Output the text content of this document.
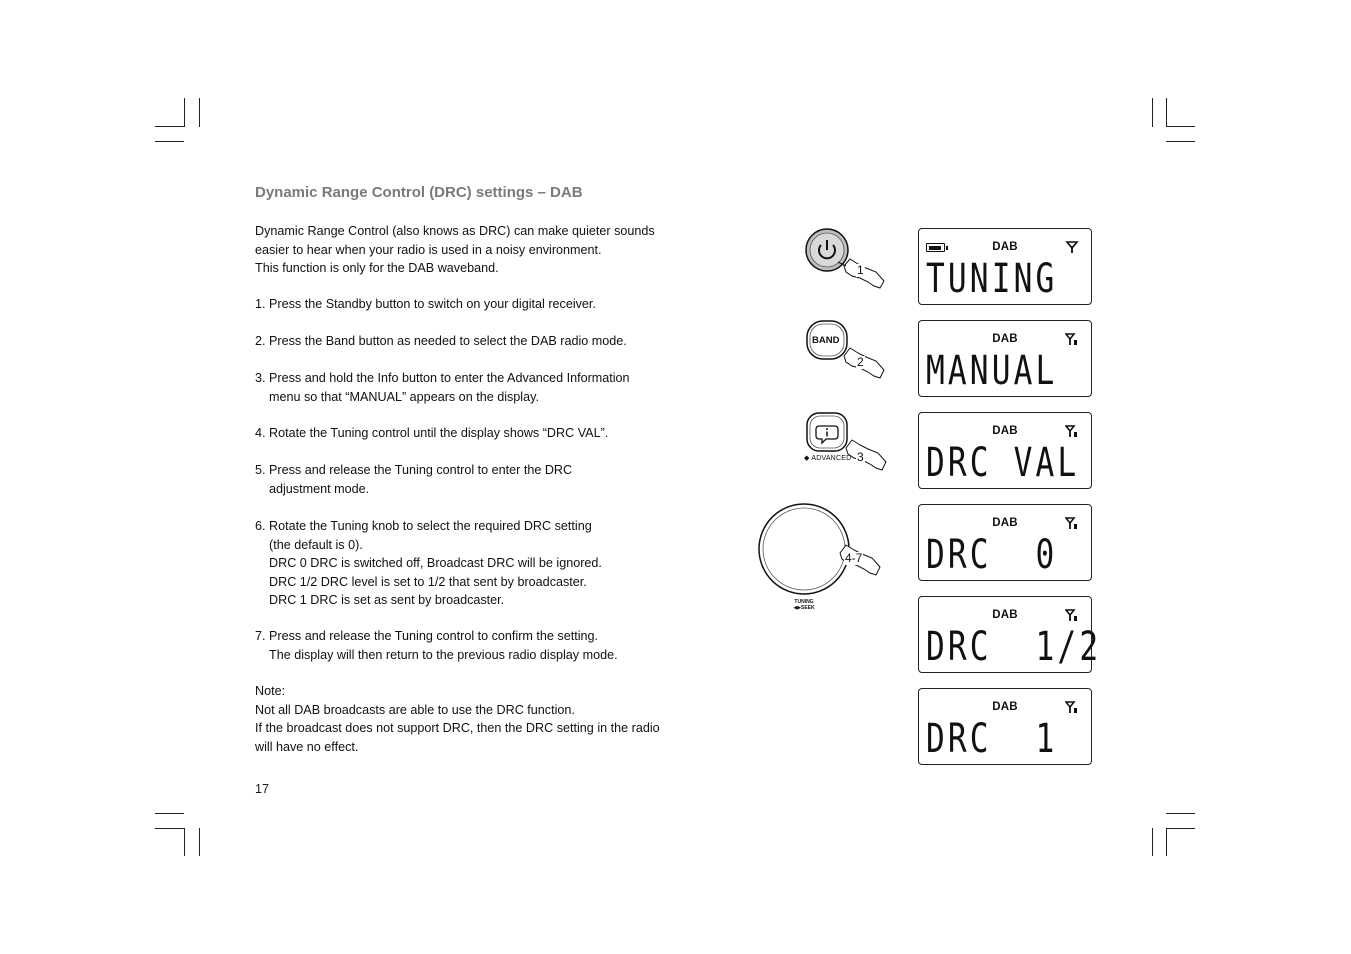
Dynamic Range Control (DRC) settings – DAB
Dynamic Range Control (also knows as DRC) can make quieter sounds
easier to hear when your radio is used in a noisy environment.
This function is only for the DAB waveband.
1. Press the Standby button to switch on your digital receiver.
2. Press the Band button as needed to select the DAB radio mode.
3. Press and hold the Info button to enter the Advanced Information
menu so that “MANUAL” appears on the display.
4. Rotate the Tuning control until the display shows “DRC VAL”.
5. Press and release the Tuning control to enter the DRC
adjustment mode.
6. Rotate the Tuning knob to select the required DRC setting
(the default is 0).
DRC 0 DRC is switched off, Broadcast DRC will be ignored.
DRC 1/2 DRC level is set to 1/2 that sent by broadcaster.
DRC 1 DRC is set as sent by broadcaster.
7. Press and release the Tuning control to confirm the setting.
The display will then return to the previous radio display mode.
Note:
Not all DAB broadcasts are able to use the DRC function.
If the broadcast does not support DRC, then the DRC setting in the radio
will have no effect.
17
1
BAND
2
◆ ADVANCED 3
4-7
TUNING
◀▶SEEK
DAB
TUNING
DAB
MANUAL
DAB
DRC VAL
DAB
DRC  0
DAB
DRC  1/2
DAB
DRC  1
